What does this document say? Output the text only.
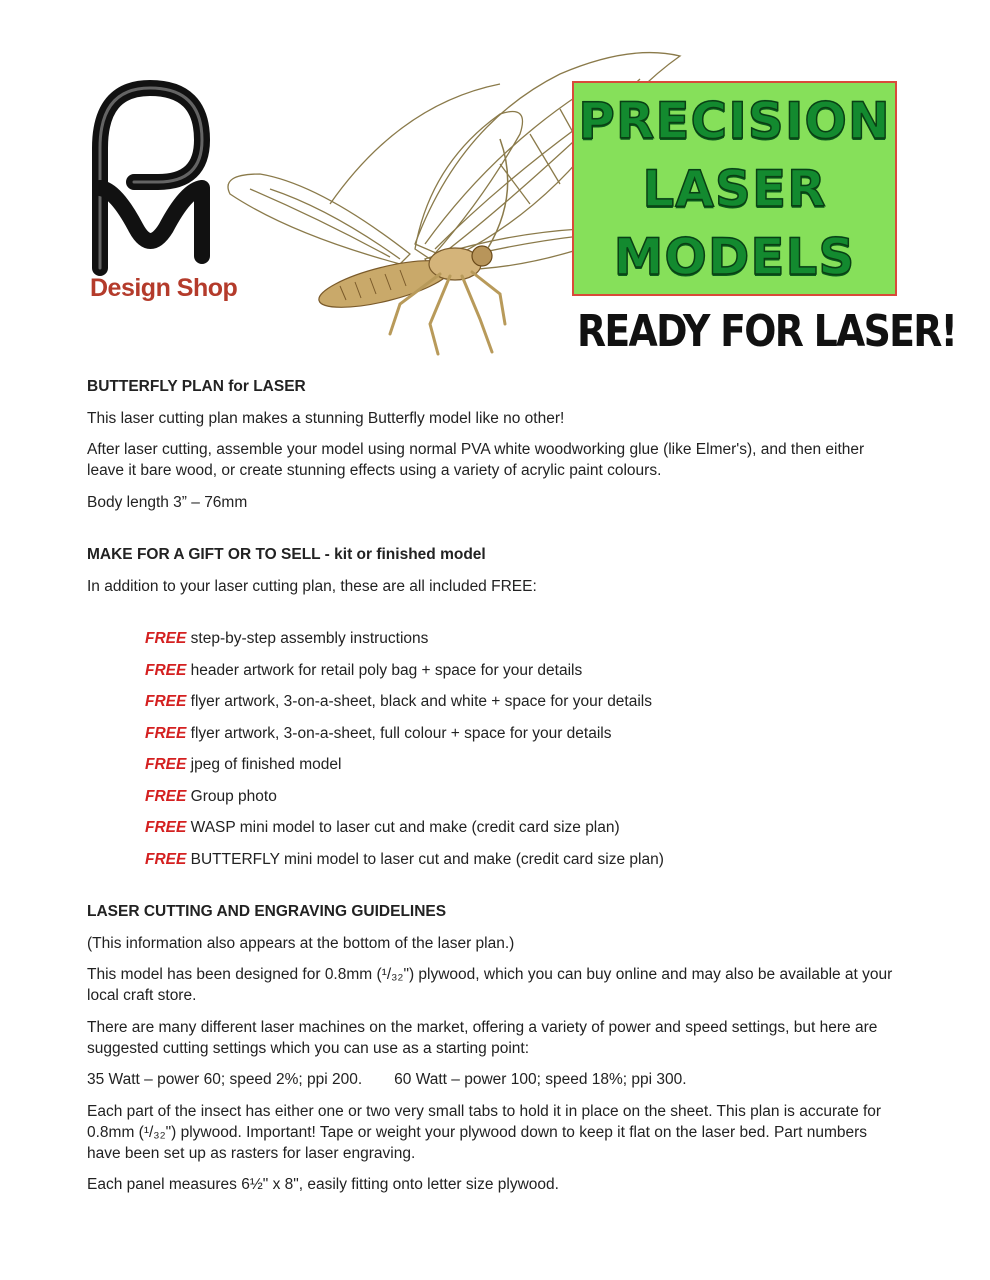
Design Shop
PRECISION
LASER
MODELS
READY FOR LASER!

BUTTERFLY PLAN for LASER

This laser cutting plan makes a stunning Butterfly model like no other!

After laser cutting, assemble your model using normal PVA white woodworking glue (like Elmer's), and then either leave it bare wood, or create stunning effects using a variety of acrylic paint colours.

Body length 3” – 76mm

MAKE FOR A GIFT OR TO SELL - kit or finished model

In addition to your laser cutting plan, these are all included FREE:

FREE step-by-step assembly instructions
FREE header artwork for retail poly bag + space for your details
FREE flyer artwork, 3-on-a-sheet, black and white + space for your details
FREE flyer artwork, 3-on-a-sheet, full colour + space for your details
FREE jpeg of finished model
FREE Group photo
FREE WASP mini model to laser cut and make (credit card size plan)
FREE BUTTERFLY mini model to laser cut and make (credit card size plan)

LASER CUTTING AND ENGRAVING GUIDELINES

(This information also appears at the bottom of the laser plan.)

This model has been designed for 0.8mm (¹/₃₂") plywood, which you can buy online and may also be available at your local craft store.

There are many different laser machines on the market, offering a variety of power and speed settings, but here are suggested cutting settings which you can use as a starting point:

35 Watt – power 60; speed 2%; ppi 200. 60 Watt – power 100; speed 18%; ppi 300.

Each part of the insect has either one or two very small tabs to hold it in place on the sheet. This plan is accurate for 0.8mm (¹/₃₂") plywood. Important! Tape or weight your plywood down to keep it flat on the laser bed. Part numbers have been set up as rasters for laser engraving.

Each panel measures 6½" x 8", easily fitting onto letter size plywood.
